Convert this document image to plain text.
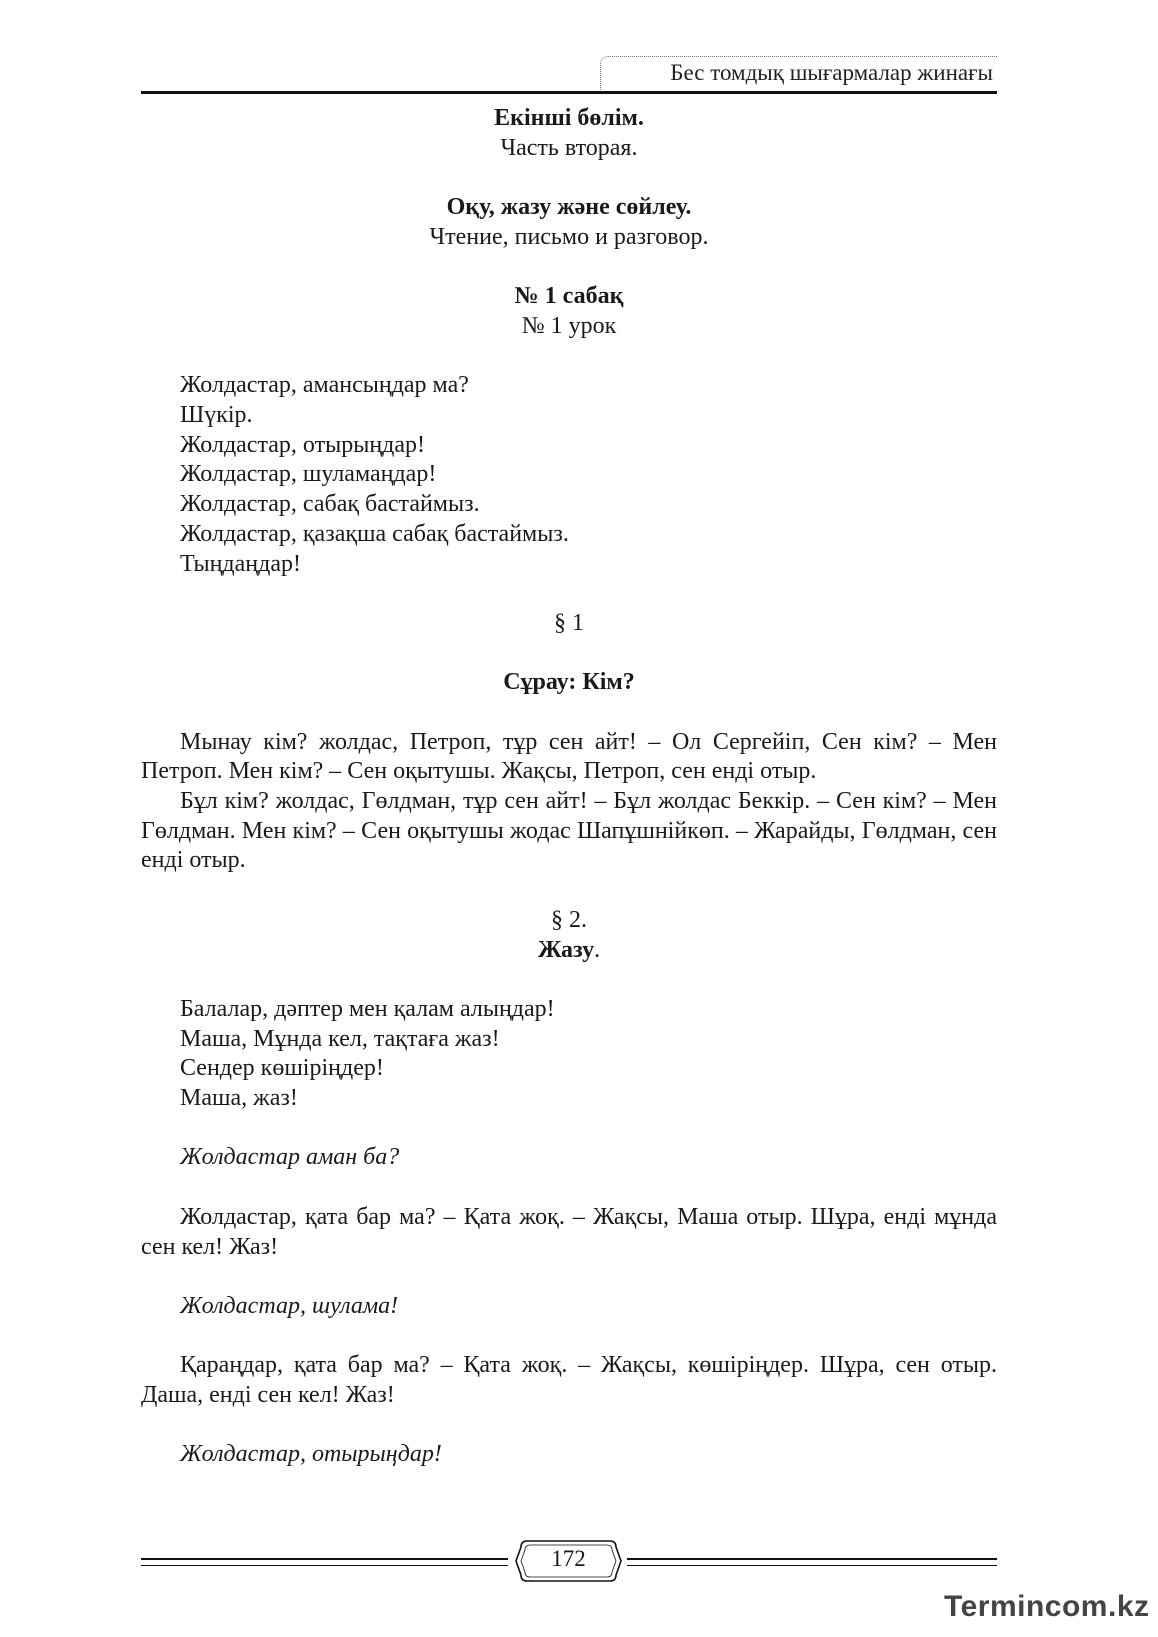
Бес томдық шығармалар жинағы

Екінші бөлім.

Часть вторая.

Оқу, жазу және сөйлеу.

Чтение, письмо и разговор.

№ 1 сабақ

№ 1 урок

Жолдастар, амансыңдар ма?

Шүкір.

Жолдастар, отырыңдар!

Жолдастар, шуламаңдар!

Жолдастар, сабақ бастаймыз.

Жолдастар, қазақша сабақ бастаймыз.

Тыңдаңдар!

§ 1

Сұрау: Кім?

Мынау кім? жолдас, Петроп, тұр сен айт! – Ол Сергейіп, Сен кім? – Мен Петроп. Мен кім? – Сен оқытушы. Жақсы, Петроп, сен енді отыр.

Бұл кім? жолдас, Гөлдман, тұр сен айт! – Бұл жолдас Беккір. – Сен кім? – Мен Гөлдман. Мен кім? – Сен оқытушы жодас Шапұшнійкөп. – Жарайды, Гөлдман, сен енді отыр.

§ 2.

Жазу.

Балалар, дәптер мен қалам алыңдар!

Маша, Мұнда кел, тақтаға жаз!

Сендер көшіріңдер!

Маша, жаз!

Жолдастар аман ба?

Жолдастар, қата бар ма? – Қата жоқ. – Жақсы, Маша отыр. Шұра, енді мұнда сен кел! Жаз!

Жолдастар, шулама!

Қараңдар, қата бар ма? – Қата жоқ. – Жақсы, көшіріңдер. Шұра, сен отыр. Даша, енді сен кел! Жаз!

Жолдастар, отырыңдар!

172
Termincom.kz
